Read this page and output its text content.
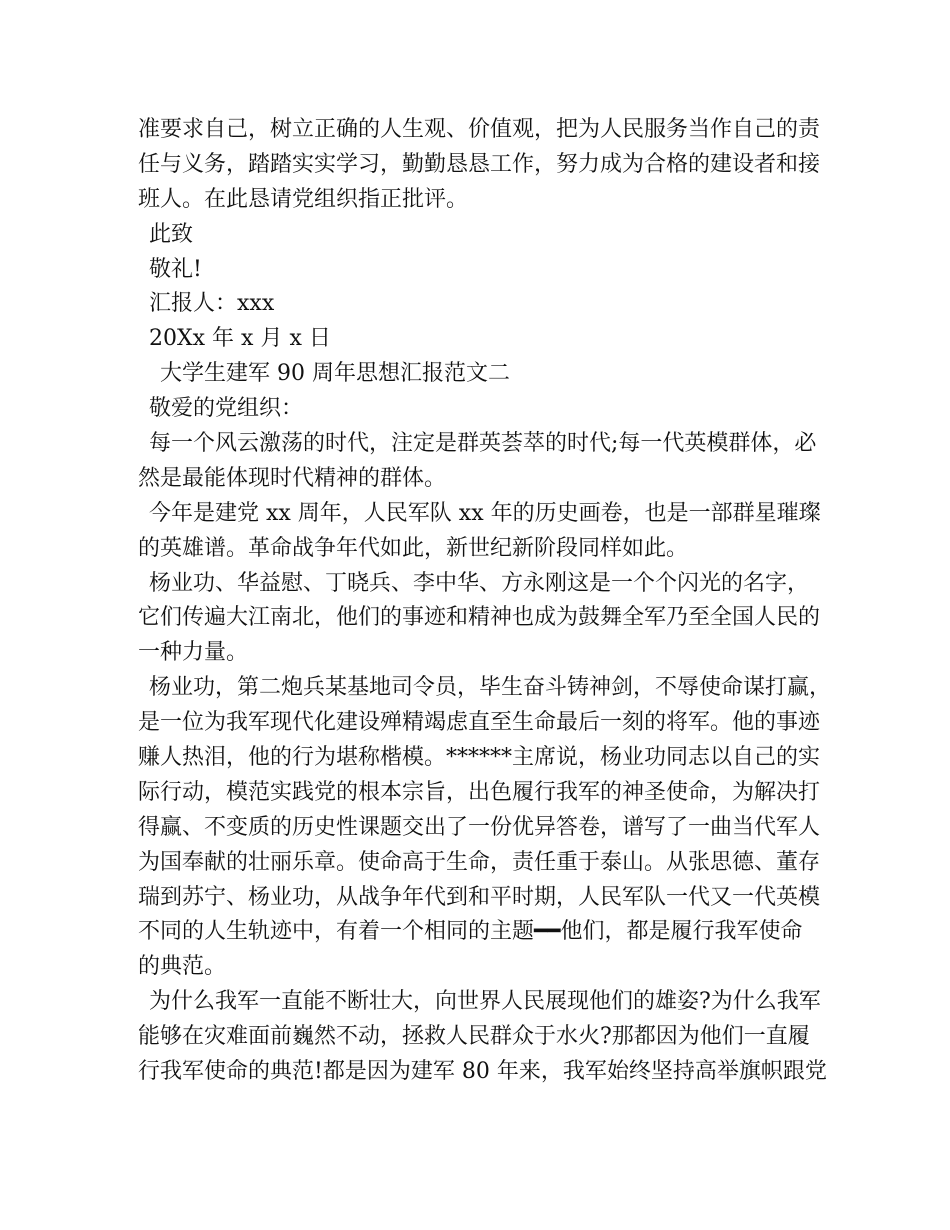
准要求自己，树立正确的人生观、价值观，把为人民服务当作自己的责
任与义务，踏踏实实学习，勤勤恳恳工作，努力成为合格的建设者和接
班人。在此恳请党组织指正批评。
此致
敬礼!
汇报人：xxx
20Xx 年 x 月 x 日
大学生建军 90 周年思想汇报范文二
敬爱的党组织：
每一个风云激荡的时代，注定是群英荟萃的时代;每一代英模群体，必
然是最能体现时代精神的群体。
今年是建党 xx 周年，人民军队 xx 年的历史画卷，也是一部群星璀璨
的英雄谱。革命战争年代如此，新世纪新阶段同样如此。
杨业功、华益慰、丁晓兵、李中华、方永刚这是一个个闪光的名字，
它们传遍大江南北，他们的事迹和精神也成为鼓舞全军乃至全国人民的
一种力量。
杨业功，第二炮兵某基地司令员，毕生奋斗铸神剑，不辱使命谋打赢，
是一位为我军现代化建设殚精竭虑直至生命最后一刻的将军。他的事迹
赚人热泪，他的行为堪称楷模。******主席说，杨业功同志以自己的实
际行动，模范实践党的根本宗旨，出色履行我军的神圣使命，为解决打
得赢、不变质的历史性课题交出了一份优异答卷，谱写了一曲当代军人
为国奉献的壮丽乐章。使命高于生命，责任重于泰山。从张思德、董存
瑞到苏宁、杨业功，从战争年代到和平时期，人民军队一代又一代英模
不同的人生轨迹中，有着一个相同的主题━━他们，都是履行我军使命
的典范。
为什么我军一直能不断壮大，向世界人民展现他们的雄姿?为什么我军
能够在灾难面前巍然不动，拯救人民群众于水火?那都因为他们一直履
行我军使命的典范!都是因为建军 80 年来，我军始终坚持高举旗帜跟党
